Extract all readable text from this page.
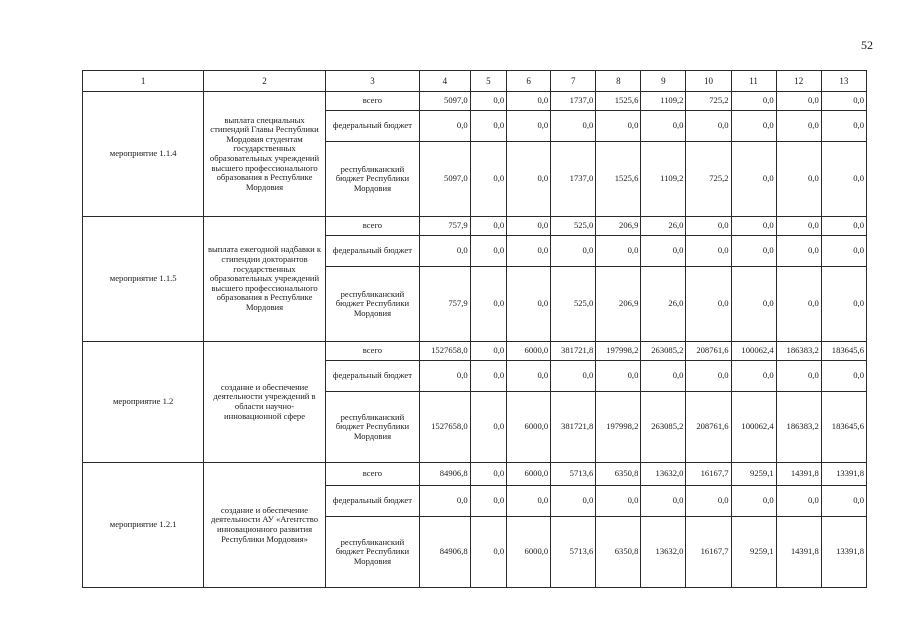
52
1	2	3	4	5	6	7	8	9	10	11	12	13
мероприятие 1.1.4	выплата специальных стипендий Главы Республики Мордовия студентам государственных образовательных учреждений высшего профессионального образования в Республике Мордовия	всего	5097,0	0,0	0,0	1737,0	1525,6	1109,2	725,2	0,0	0,0	0,0
		федеральный бюджет	0,0	0,0	0,0	0,0	0,0	0,0	0,0	0,0	0,0	0,0
		республиканский бюджет Республики Мордовия	5097,0	0,0	0,0	1737,0	1525,6	1109,2	725,2	0,0	0,0	0,0
мероприятие 1.1.5	выплата ежегодной надбавки к стипендии докторантов государственных образовательных учреждений высшего профессионального образования в Республике Мордовия	всего	757,9	0,0	0,0	525,0	206,9	26,0	0,0	0,0	0,0	0,0
		федеральный бюджет	0,0	0,0	0,0	0,0	0,0	0,0	0,0	0,0	0,0	0,0
		республиканский бюджет Республики Мордовия	757,9	0,0	0,0	525,0	206,9	26,0	0,0	0,0	0,0	0,0
мероприятие 1.2	создание и обеспечение деятельности учреждений в области научно-инновационной сфере	всего	1527658,0	0,0	6000,0	381721,8	197998,2	263085,2	208761,6	100062,4	186383,2	183645,6
		федеральный бюджет	0,0	0,0	0,0	0,0	0,0	0,0	0,0	0,0	0,0	0,0
		республиканский бюджет Республики Мордовия	1527658,0	0,0	6000,0	381721,8	197998,2	263085,2	208761,6	100062,4	186383,2	183645,6
мероприятие 1.2.1	создание и обеспечение деятельности АУ «Агентство инновационного развития Республики Мордовия»	всего	84906,8	0,0	6000,0	5713,6	6350,8	13632,0	16167,7	9259,1	14391,8	13391,8
		федеральный бюджет	0,0	0,0	0,0	0,0	0,0	0,0	0,0	0,0	0,0	0,0
		республиканский бюджет Республики Мордовия	84906,8	0,0	6000,0	5713,6	6350,8	13632,0	16167,7	9259,1	14391,8	13391,8
